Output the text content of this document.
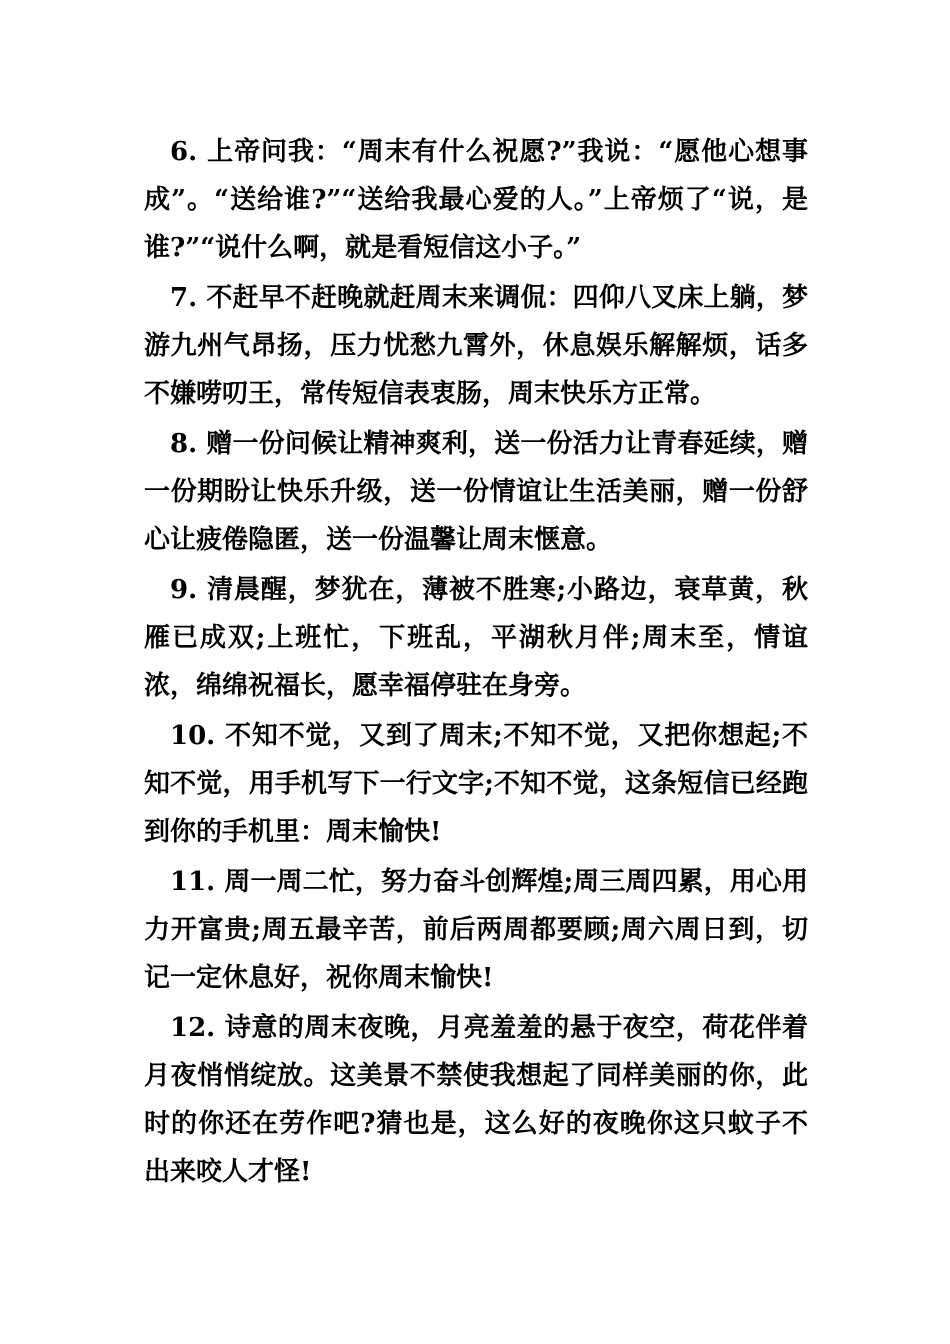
6. 上帝问我：“周末有什么祝愿?”我说：“愿他心想事成”。“送给谁?”“送给我最心爱的人。”上帝烦了“说，是谁?”“说什么啊，就是看短信这小子。”

7. 不赶早不赶晚就赶周末来调侃：四仰八叉床上躺，梦游九州气昂扬，压力忧愁九霄外，休息娱乐解解烦，话多不嫌唠叨王，常传短信表衷肠，周末快乐方正常。

8. 赠一份问候让精神爽利，送一份活力让青春延续，赠一份期盼让快乐升级，送一份情谊让生活美丽，赠一份舒心让疲倦隐匿，送一份温馨让周末惬意。

9. 清晨醒，梦犹在，薄被不胜寒;小路边，衰草黄，秋雁已成双;上班忙，下班乱，平湖秋月伴;周末至，情谊浓，绵绵祝福长，愿幸福停驻在身旁。

10. 不知不觉，又到了周末;不知不觉，又把你想起;不知不觉，用手机写下一行文字;不知不觉，这条短信已经跑到你的手机里：周末愉快!

11. 周一周二忙，努力奋斗创辉煌;周三周四累，用心用力开富贵;周五最辛苦，前后两周都要顾;周六周日到，切记一定休息好，祝你周末愉快!

12. 诗意的周末夜晚，月亮羞羞的悬于夜空，荷花伴着月夜悄悄绽放。这美景不禁使我想起了同样美丽的你，此时的你还在劳作吧?猜也是，这么好的夜晚你这只蚊子不出来咬人才怪!
